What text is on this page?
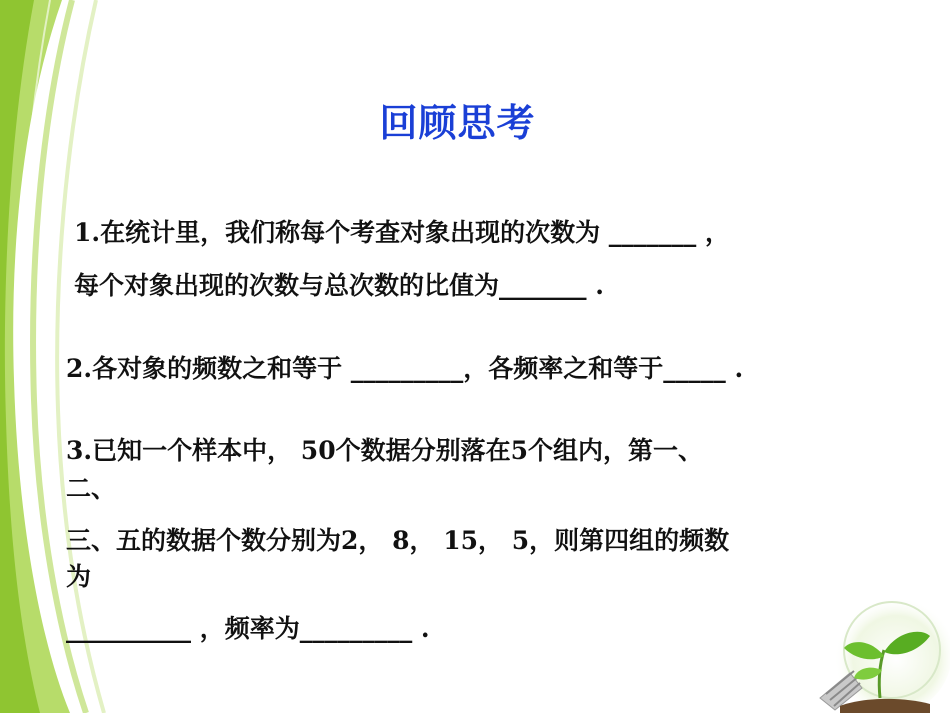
回顾思考
1.在统计里，我们称每个考查对象出现的次数为 _______ ，
每个对象出现的次数与总次数的比值为_______ .
2.各对象的频数之和等于 _________，各频率之和等于_____ .
3.已知一个样本中， 50个数据分别落在5个组内，第一、
二、
三、五的数据个数分别为2， 8， 15， 5，则第四组的频数
为
__________ ，频率为_________ .
